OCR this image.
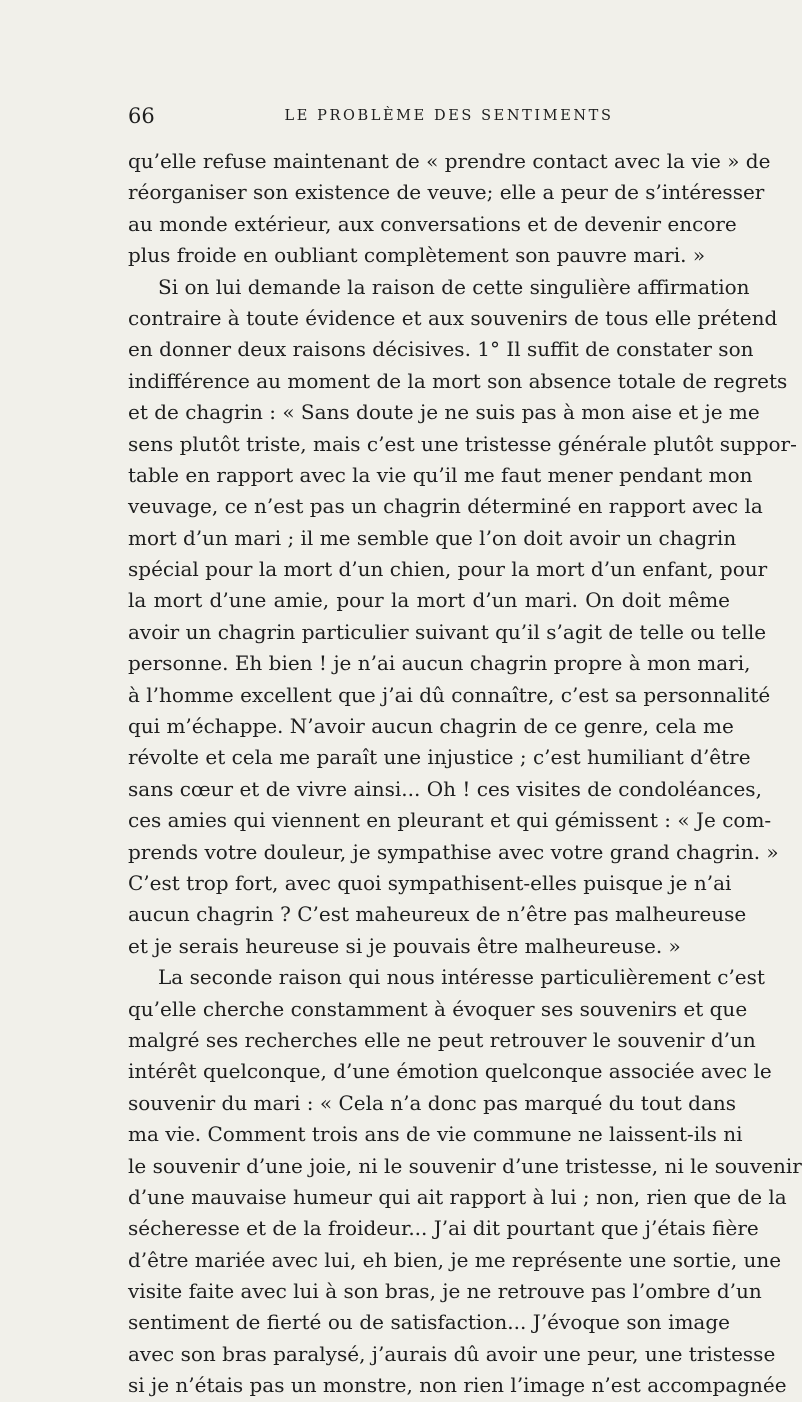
66	LE PROBLÈME DES SENTIMENTS
qu’elle refuse maintenant de « prendre contact avec la vie » de
réorganiser son existence de veuve; elle a peur de s’intéresser
au monde extérieur, aux conversations et de devenir encore
plus froide en oubliant complètement son pauvre mari. »
Si on lui demande la raison de cette singulière affirmation
contraire à toute évidence et aux souvenirs de tous elle prétend
en donner deux raisons décisives. 1° Il suffit de constater son
indifférence au moment de la mort son absence totale de regrets
et de chagrin : « Sans doute je ne suis pas à mon aise et je me
sens plutôt triste, mais c’est une tristesse générale plutôt suppor-
table en rapport avec la vie qu’il me faut mener pendant mon
veuvage, ce n’est pas un chagrin déterminé en rapport avec la
mort d’un mari ; il me semble que l’on doit avoir un chagrin
spécial pour la mort d’un chien, pour la mort d’un enfant, pour
la mort d’une amie, pour la mort d’un mari. On doit même
avoir un chagrin particulier suivant qu’il s’agit de telle ou telle
personne. Eh bien ! je n’ai aucun chagrin propre à mon mari,
à l’homme excellent que j’ai dû connaître, c’est sa personnalité
qui m’échappe. N’avoir aucun chagrin de ce genre, cela me
révolte et cela me paraît une injustice ; c’est humiliant d’être
sans cœur et de vivre ainsi... Oh ! ces visites de condoléances,
ces amies qui viennent en pleurant et qui gémissent : « Je com-
prends votre douleur, je sympathise avec votre grand chagrin. »
C’est trop fort, avec quoi sympathisent-elles puisque je n’ai
aucun chagrin ? C’est maheureux de n’être pas malheureuse
et je serais heureuse si je pouvais être malheureuse. »
La seconde raison qui nous intéresse particulièrement c’est
qu’elle cherche constamment à évoquer ses souvenirs et que
malgré ses recherches elle ne peut retrouver le souvenir d’un
intérêt quelconque, d’une émotion quelconque associée avec le
souvenir du mari : « Cela n’a donc pas marqué du tout dans
ma vie. Comment trois ans de vie commune ne laissent-ils ni
le souvenir d’une joie, ni le souvenir d’une tristesse, ni le souvenir
d’une mauvaise humeur qui ait rapport à lui ; non, rien que de la
sécheresse et de la froideur... J’ai dit pourtant que j’étais fière
d’être mariée avec lui, eh bien, je me représente une sortie, une
visite faite avec lui à son bras, je ne retrouve pas l’ombre d’un
sentiment de fierté ou de satisfaction... J’évoque son image
avec son bras paralysé, j’aurais dû avoir une peur, une tristesse
si je n’étais pas un monstre, non rien l’image n’est accompagnée
